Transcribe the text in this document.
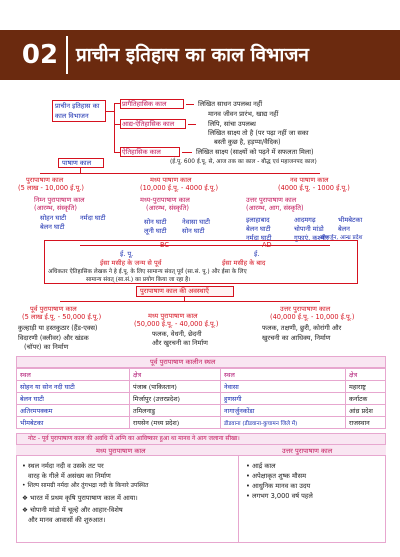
02 प्राचीन इतिहास का काल विभाजन
प्राचीन इतिहास का
काल विभाजन
प्रागैतिहासिक काल
आद्य-ऐतिहासिक काल
ऐतिहासिक काल
लिखित साधन उपलब्ध नहीं
मानव जीवन प्रारंभ, खाद्य नहीं
लिपि, सांचा उपलब्ध
लिखित साक्ष्य तो है (पर पढ़ा नहीं जा सका
बस्ती कुछ है, हड़प्पा/वैदिक)
लिखित साक्ष्य (साक्ष्यों को पढ़ने में सफलता मिला)
(ई.पू. 600 ई.पू. से, आज तक का काल - बौद्ध एवं महाजनपद काल)
पाषाण काल
पुरापाषाण काल
(5 लाख - 10,000 ई.पू.)
मध्य पाषाण काल
(10,000 ई.पू. - 4000 ई.पू.)
नव पाषाण काल
(4000 ई.पू. - 1000 ई.पू.)
निम्न पुरापाषाण काल
(आरम्भ, संस्कृति)
मध्य-पुरापाषाण काल
(आरम्भ, संस्कृति)
उत्तर पुरापाषाण काल
(आरम्भ, आग, संस्कृति)
सोहन घाटी
बेलन घाटी
नर्मदा घाटी	सोन घाटी
लूनी घाटी
नेवासा घाटी
सोन घाटी
इलाहाबाद
बेलन घाटी
नर्मदा घाटी
आदमगढ़
चोपानी मांडो
गुफाएं, कश्मीर
बेलन
भीमबेटका
नागार्जुन, आन्ध्र प्रदेश
BC	AD
ई. पू.	ई.
ईसा मसीह के जन्म से पूर्व	ईसा मसीह के बाद
अधिकतर ऐतिहासिक लेखक ने हे ई.पू. के लिए सामान्य संवत् पूर्व (सा.सं. पू.) और ईसा के लिए
सामान्य संवत् (सा.सं.) का प्रयोग किया जा रहा है।
पुरापाषाण काल की अवस्थाएँ
पूर्व पुरापाषाण काल
(5 लाख ई.पू. - 50,000 ई.पू.)
कुल्हाड़ी या हस्तकुठार (हैंड-एक्स)
विदारणी (क्लीवर) और खंडक
(चॉपर) का निर्माण
मध्य पुरापाषाण काल
(50,000 ई.पू. - 40,000 ई.पू.)
फलक, वेधनी, छेदनी
और खुरचनी का निर्माण
उत्तर पुरापाषाण काल
(40,000 ई.पू. - 10,000 ई.पू.)
फलक, तक्षणी, छुरी, कोरांगी और
खुरचनी का आधिक्य, निर्माण
पूर्व पुरापाषाण कालीन स्थल
स्थल	क्षेत्र	स्थल	क्षेत्र
सोहन या सोन नदी घाटी	पंजाब (पाकिस्तान)	नेवासा	महाराष्ट्र
बेलन घाटी	मिर्जापुर (उत्तरप्रदेश)	हुणसगी	कर्नाटक
अतिरमपक्कम	तमिलनाडु	नागार्जुनकोंडा	आंध्र प्रदेश
भीमबेटका	रायसेन (मध्य प्रदेश)	डीडवाना (डीडवाना-कुचामन जिले में)	राजस्थान
नोट - पूर्व पुरापाषाण काल की अवधि में अग्नि का आविष्कार हुआ था मानव ने आग जलाना सीखा।
मध्य पुरापाषाण काल	उत्तर पुरापाषाण काल
• स्थल नर्मदा नदी व उसके तट पर
वारह के गीले में असंख्य का निर्माण
• शिल्प सामग्री नर्मदा और तुंगभद्रा नदी के किनारे उपस्थित
❖ भारत में प्रथम कृषि पुरापाषाण काल में आया।
❖ चोपानी मांडो में चूल्हे और आहार-विशेष
और मानव आवासों की शुरुआत।
• आर्द्र काल
• अपेक्षाकृत शुष्क मौसम
• आधुनिक मानव का उदय
• लगभग 3,000 वर्ष पहले
